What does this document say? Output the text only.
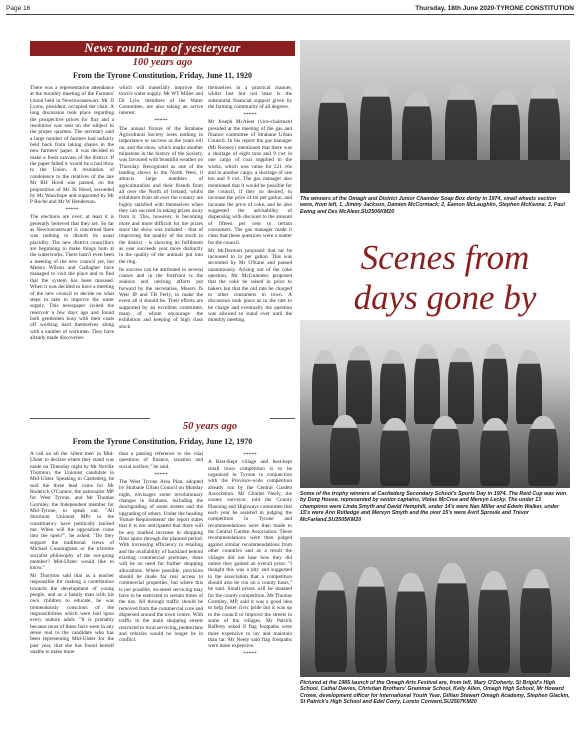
Page 16	Thursday, 18th June 2020-TYRONE CONSTITUTION
News round-up of yesteryear
100 years ago
From the Tyrone Constitution, Friday, June 11, 1920

There was a representative attendance at the monthly meeting of the Farmers' Union held in Newtownstewart. Mr JJ Lyons, president, occupied the chair. A long discussion took place regarding the prospective prices for flax and a resolution was sent on the subject to the proper quarters. The secretary said a large number of farmers had unfairly held back from taking shares in the new farmers' paper. It was decided to make a fresh canvass of the district. If the paper failed it would be a bad blow to the Union. A resolution of condolence to the relatives of the late Mr RH Hood was passed, on the proposition of Mr JS Hood, seconded by Mr Wauchope and supported by Mr P Roche and Mr W Henderson.

*****

The elections are over; at least it is generally believed that they are. So far as Newtownstewart is concerned there was nothing to disturb its usual placidity. The new district councillors are beginning to make things hum at the waterworks. There hasn't even been a meeting of the new council yet, but Messrs Wilson and Gallagher have managed to visit the place and to find that the system has been misused. When it was decided to have a meeting of the new council to decide on what steps to take to improve the water supply. This newspaper visited the reservoir a few days ago and found both gentlemen busy with their coats off working hard themselves along with a number of workmen. They have already made discoveries

which will materially improve the town's water supply. Mr WT Miller and Dr Lyle, members of the Water Committee, are also taking an active interest.

*****

The annual fixture of the Strabane Agricultural Society loses nothing in importance or success as the years roll on, and the show, which marks another milestone in the history of the Society, was favoured with beautiful weather on Thursday. Recognised as one of the leading shows in the North West, it attracts large numbers of agriculturalists and their friends from all over the North of Ireland, whilst exhibitors from all over the country are highly satisfied with themselves when they can succeed in taking prizes away from it. This, however, is becoming more and more difficult for the prizes since the show was initiated - that of improving the quality of the stock in the district - is showing its fulfilment as year succeeds year more distinctly in the quality of the animals put into the ring.

Its success can be attributed to several causes and in the forefront is the zealous and untiring efforts put forward by the secretaries, Messrs JS Weir JP and TB Ferly, to make the event all it should be. Their efforts are supported by an excellent committee, many of whom encourage the exhibition and keeping of high class stock

themselves in a practical manner, whilst last but not least is the substantial financial support given by the farming community of all degrees.

*****

Mr Joseph McAleer (vice-chairman) presided at the meeting of the gas and finance committee of Strabane Urban Council. In his report the gas manager (Mr Rooney) mentioned that there was a shortage of eight tons and 9 cwt in one cargo of coal supplied to the works, which was value for £21 16s and in another cargo, a shortage of one ton and 9 cwt. The gas manager also mentioned that it would be possible for the council, if they so desired, to increase the price of tar per gallon, and increase the price of coke, and he also suggested the advisability of dispensing with discount to the amount of fifteen per cent to certain consumers. The gas manager made it clear that these questions were a matter for the council.

Mr McDermott proposed that tar be increased to 1s per gallon. This was seconded by Mr O'Kane and passed unanimously. Arising out of the coke question, Mr McGuinness proposed that the coke be raised in price to bakers but that the old rate be charged to other consumers in town. A discussion took place as to the rate to be charge and eventually the question was allowed to stand over until the monthly meeting.

50 years ago
From the Tyrone Constitution, Friday, June 12, 1970

A call on all the 'silent men' in Mid-Ulster to declare where they stand was made on Thursday night by Mr Neville Thornton, the Unionist candidate in Mid-Ulster. Speaking in Castlederg, he said the three lead coms for Mr Roderick O'Connor, the nationalist MP for West Tyrone, and Mr Thomas Gormley, the Independent member for Mid-Tyrone, to speak out. "All Stormont Unionist MPs in the constituency have publically backed me. When will the opposition come into the open?", he asked. "Do they support the traditional views of Michael Cunningham or the extreme socialist philosophy of the out-going member? Mid-Ulster would like to know."

Mr Thornton said that as a teacher responsible for making a contribution towards the development of young people, and as a family man with his own children to educate, he was tremendously conscious of the responsibilities which were laid upon every mature adult. "It is probably because most of these facts were in any sense real to the candidate who has been representing Mid-Ulster for the past year, that she has found herself unable to make more

than a passing reference to the vital questions of finance, taxation and social welfare," he said.

*****

The West Tyrone Area Plan, adopted by Strabane Urban Council on Monday night, envisages some revolutionary changes in Strabane, including the downgrading of some streets and the upgrading of others. Under the heading 'Future Requirements' the report states that it is not anticipated that there will be any marked increase in shopping floor space through the planned period. With increasing efficiency in retailing and the availability of backland behind existing commercial premises, there will be no need for further shopping allocations. Where possible, provision should be made for rear access to commercial properties, but where this is not possible, on-street servicing may have to be restricted to certain times of the day. All through traffic should be removed from the commercial core and dispersed around the town centre. With traffic in the main shopping streets restricted to local servicing, pedestrians and vehicles would no longer be in conflict.

*****

A Best-Kept village and best-kept small town competition is to be organised in Tyrone in conjunction with the Province-wide competition already run by the Central Garden Association. Mr Charles Neely, the county surveyor, told the County Planning and Highways committee that each year he assisted in judging the competition in Tyrone and recommendations were then made to the Central Garden Association. These recommendations were then judged against similar recommendations from other countries and as a result the villages did not hear how they did unless they gained an overall prize. "I thought this was a pity and suggested to the association that a competition should also be run on a county basis," he said. Small prizes will be donated for the county competition. Mr Thomas Gormley, MP, said it was a good idea to help foster civic pride but it was up to the council to improve the streets in some of the villages. Mr Patrick Rafferty asked if flag footpaths were more expensive to lay and maintain than tar. Mr Neely said flag footpaths were more expensive.

*****

The winners of the Omagh and District Junior Chamber Soap Box derby in 1974, small wheels section were, from left, 1, Jimmy Jackson, Damien McCormack; 2, Eamon McLaughlin, Stephen McKenna; 3, Paul Ewing and Des McAleer.SU2506KM20
Scenes from days gone by
Some of the trophy winners at Castlederg Secondary School's Sports Day in 1974. The Reid Cup was won by Dorg House, represented by senior captains, Violas McCrea and Mervyn Lecky. The under 13 champions were Linda Smyth and David Hemphill, under 14's were Nan Millar and Edwin Walker, under 15's were Ann Rutledge and Mervyn Smyth and the over 15's were Avril Sproule and Trevor McFarland.SU2505KM20
Pictured at the 1985 launch of the Omagh Arts Festival are, from left, Mary O'Doherty, St Brigid's High School, Cathal Davies, Christian Brothers' Grammar School, Kelly Allen, Omagh High School, Mr Howard Crowe, development officer for International Youth Year, Gillian Stewart Omagh Academy, Stephen Glackin, St Patrick's High School and Edel Corry, Loreto Convent.SU2507KM20
